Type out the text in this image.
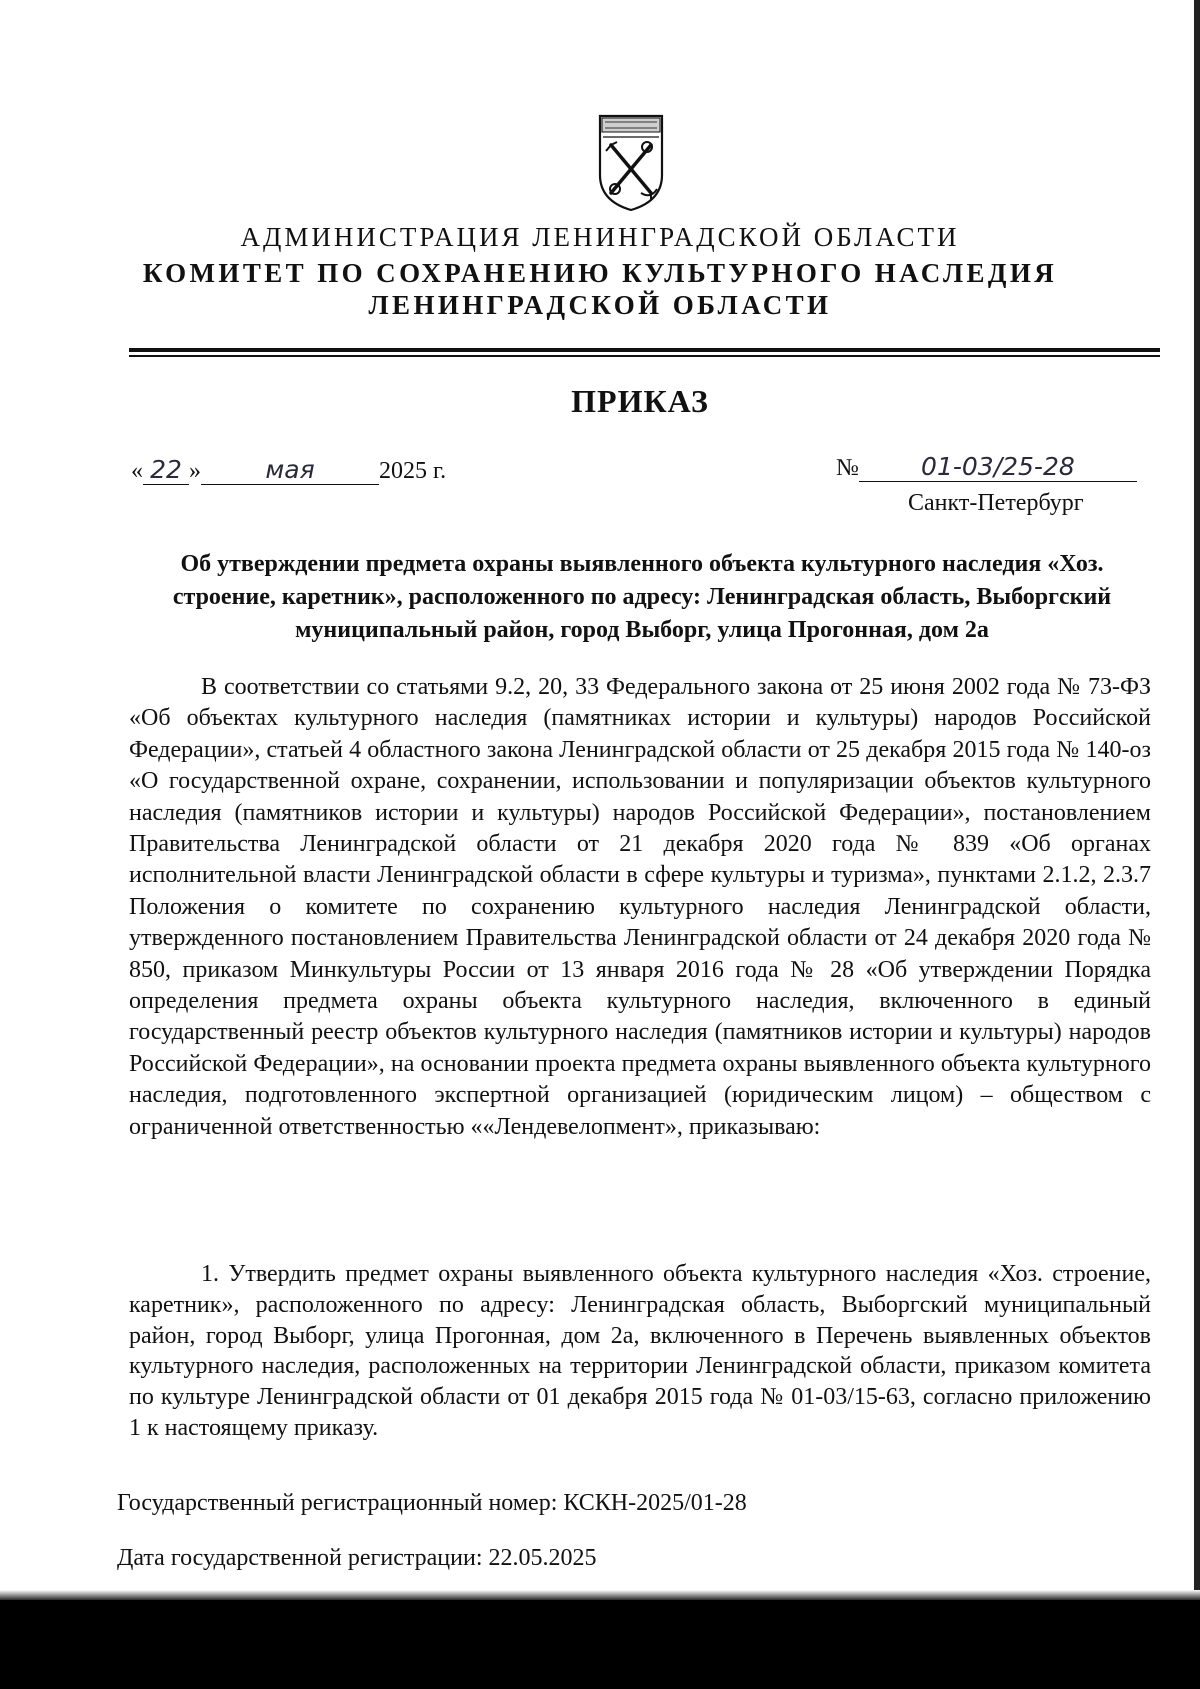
АДМИНИСТРАЦИЯ ЛЕНИНГРАДСКОЙ ОБЛАСТИ
КОМИТЕТ ПО СОХРАНЕНИЮ КУЛЬТУРНОГО НАСЛЕДИЯ
ЛЕНИНГРАДСКОЙ ОБЛАСТИ
ПРИКАЗ
« 22 »	мая	2025 г.	№ 01-03/25-28
Санкт-Петербург
Об утверждении предмета охраны выявленного объекта культурного наследия «Хоз. строение, каретник», расположенного по адресу: Ленинградская область, Выборгский муниципальный район, город Выборг, улица Прогонная, дом 2а
В соответствии со статьями 9.2, 20, 33 Федерального закона от 25 июня 2002 года № 73-ФЗ «Об объектах культурного наследия (памятниках истории и культуры) народов Российской Федерации», статьей 4 областного закона Ленинградской области от 25 декабря 2015 года № 140-оз «О государственной охране, сохранении, использовании и популяризации объектов культурного наследия (памятников истории и культуры) народов Российской Федерации», постановлением Правительства Ленинградской области от 21 декабря 2020 года № 839 «Об органах исполнительной власти Ленинградской области в сфере культуры и туризма», пунктами 2.1.2, 2.3.7 Положения о комитете по сохранению культурного наследия Ленинградской области, утвержденного постановлением Правительства Ленинградской области от 24 декабря 2020 года № 850, приказом Минкультуры России от 13 января 2016 года № 28 «Об утверждении Порядка определения предмета охраны объекта культурного наследия, включенного в единый государственный реестр объектов культурного наследия (памятников истории и культуры) народов Российской Федерации», на основании проекта предмета охраны выявленного объекта культурного наследия, подготовленного экспертной организацией (юридическим лицом) – обществом с ограниченной ответственностью ««Лендевелопмент», приказываю:
1. Утвердить предмет охраны выявленного объекта культурного наследия «Хоз. строение, каретник», расположенного по адресу: Ленинградская область, Выборгский муниципальный район, город Выборг, улица Прогонная, дом 2а, включенного в Перечень выявленных объектов культурного наследия, расположенных на территории Ленинградской области, приказом комитета по культуре Ленинградской области от 01 декабря 2015 года № 01-03/15-63, согласно приложению 1 к настоящему приказу.
Государственный регистрационный номер: КСКН-2025/01-28
Дата государственной регистрации: 22.05.2025
